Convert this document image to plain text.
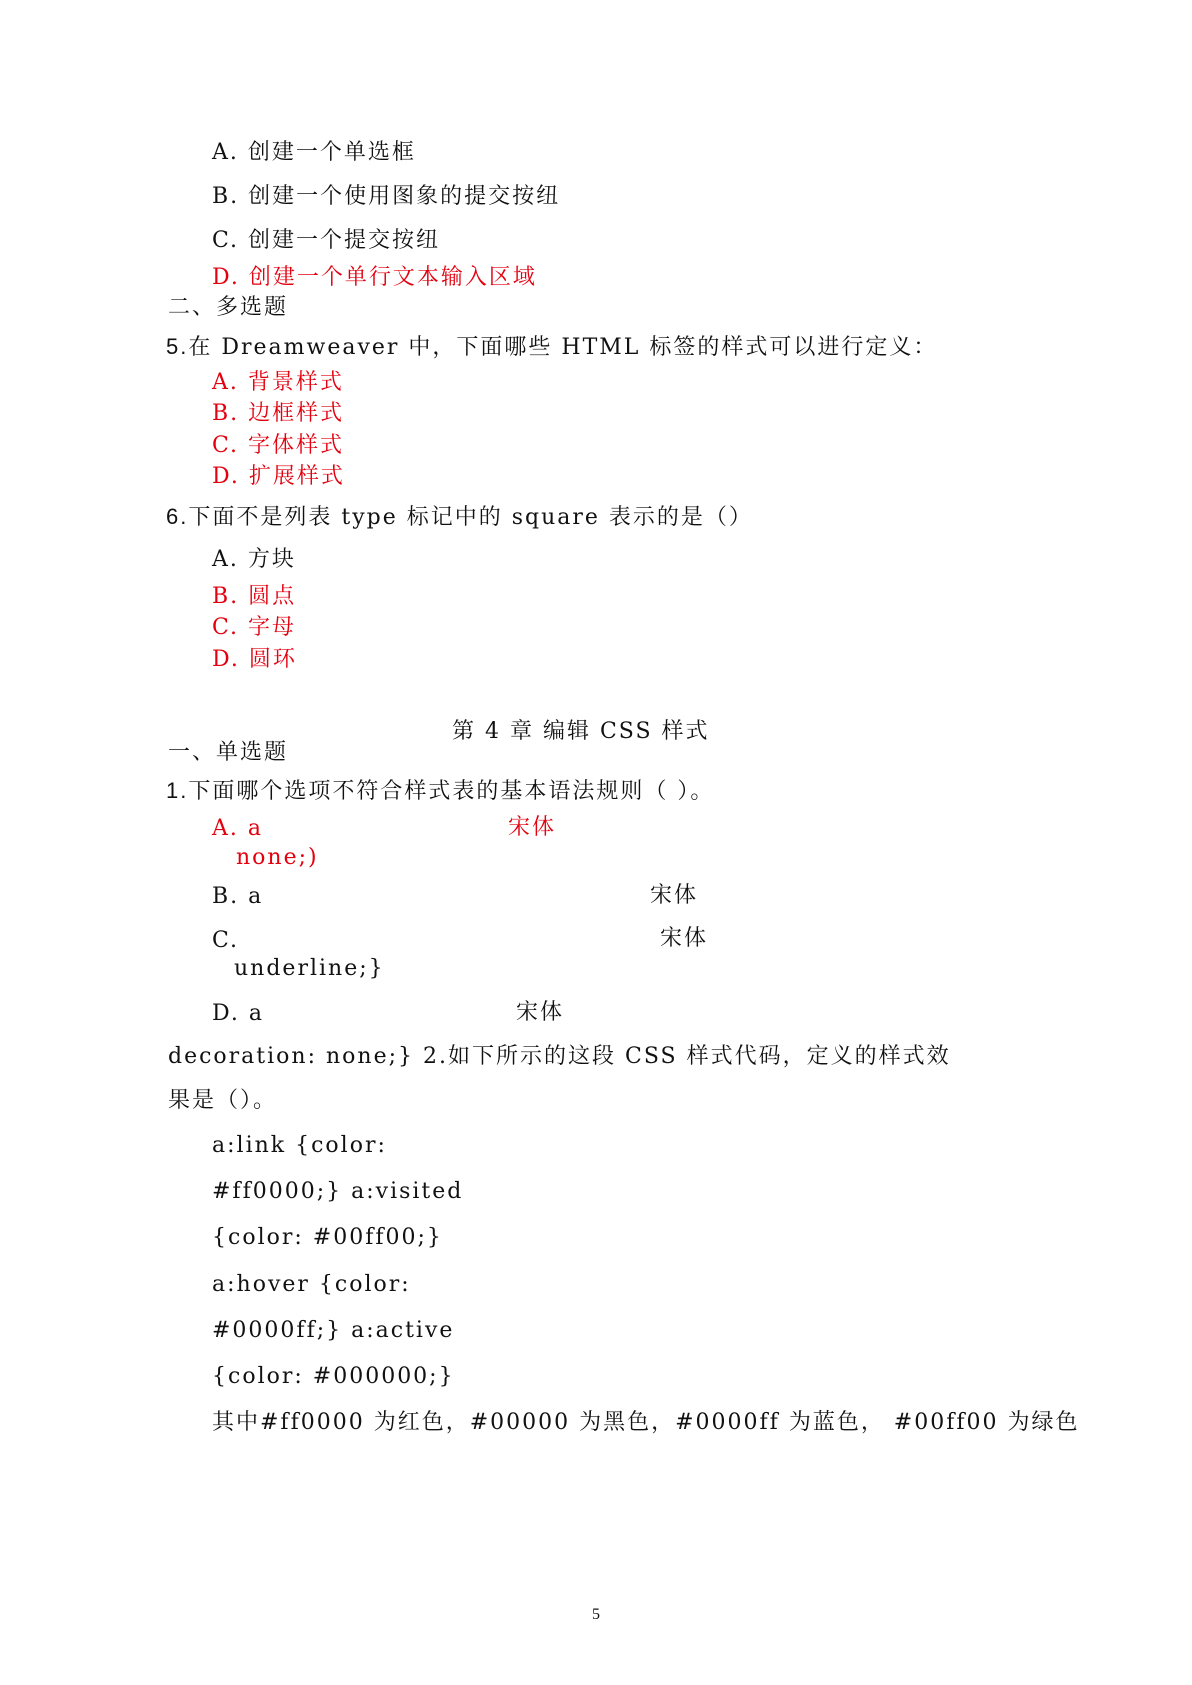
A. 创建一个单选框
B. 创建一个使用图象的提交按纽
C. 创建一个提交按纽
D. 创建一个单行文本输入区域
二、多选题
5.在 Dreamweaver 中，下面哪些 HTML 标签的样式可以进行定义：
A. 背景样式
B. 边框样式
C. 字体样式
D. 扩展样式
6.下面不是列表 type 标记中的 square 表示的是（）
A. 方块
B. 圆点
C. 字母
D. 圆环
第 4 章 编辑 CSS 样式
一、单选题
1.下面哪个选项不符合样式表的基本语法规则（ ）。
A. a	宋体
none;)
B. a	宋体
C.	宋体
underline;}
D. a	宋体
decoration: none;} 2.如下所示的这段 CSS 样式代码，定义的样式效
果是（）。
a:link {color:
#ff0000;} a:visited
{color: #00ff00;}
a:hover {color:
#0000ff;} a:active
{color: #000000;}
其中#ff0000 为红色，#00000 为黑色，#0000ff 为蓝色， #00ff00 为绿色
5
